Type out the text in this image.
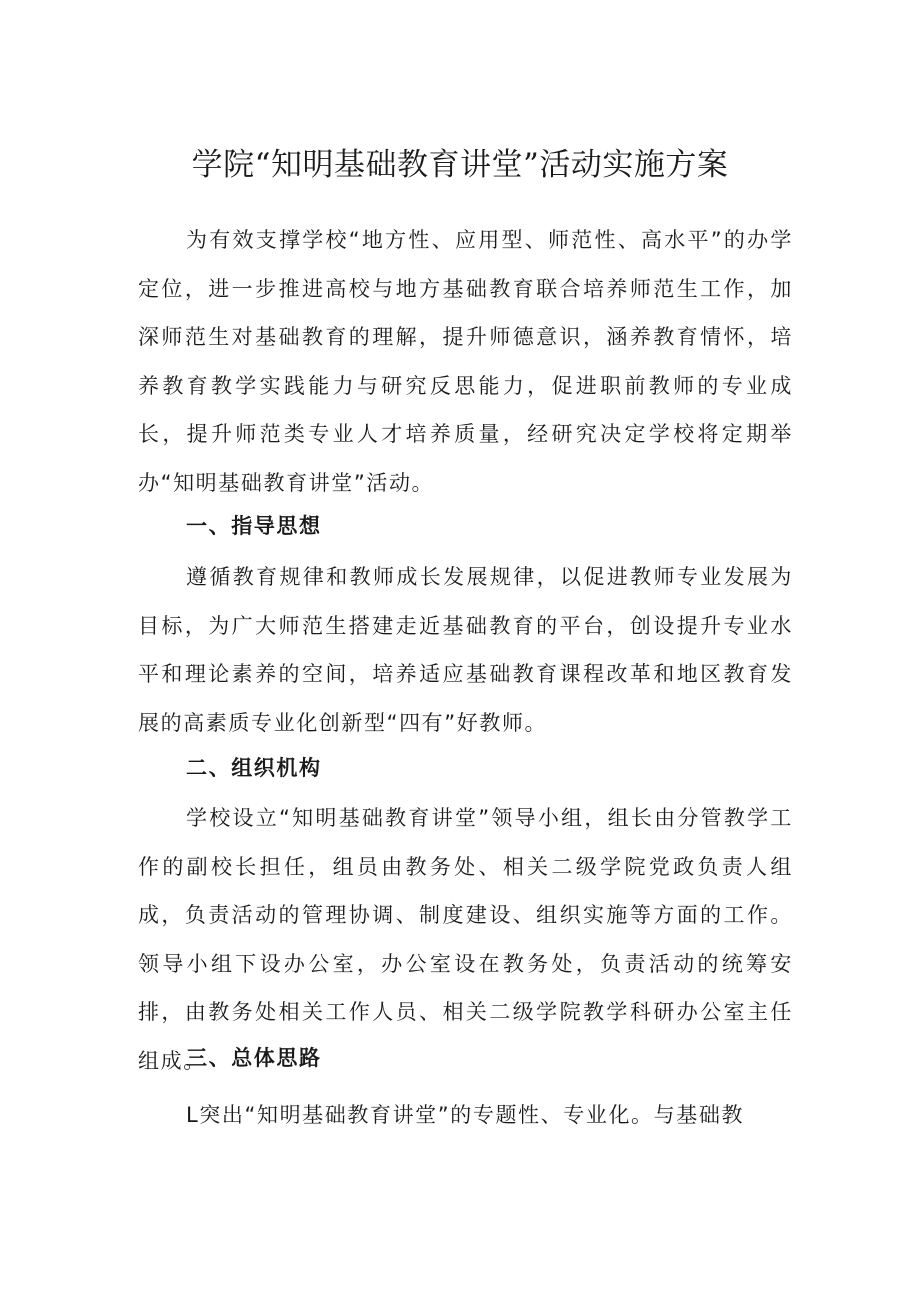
学院“知明基础教育讲堂”活动实施方案

为有效支撑学校“地方性、应用型、师范性、高水平”的办学定位，进一步推进高校与地方基础教育联合培养师范生工作，加深师范生对基础教育的理解，提升师德意识，涵养教育情怀，培养教育教学实践能力与研究反思能力，促进职前教师的专业成长，提升师范类专业人才培养质量，经研究决定学校将定期举办“知明基础教育讲堂”活动。

一、指导思想

遵循教育规律和教师成长发展规律，以促进教师专业发展为目标，为广大师范生搭建走近基础教育的平台，创设提升专业水平和理论素养的空间，培养适应基础教育课程改革和地区教育发展的高素质专业化创新型“四有”好教师。

二、组织机构

学校设立“知明基础教育讲堂”领导小组，组长由分管教学工作的副校长担任，组员由教务处、相关二级学院党政负责人组成，负责活动的管理协调、制度建设、组织实施等方面的工作。领导小组下设办公室，办公室设在教务处，负责活动的统筹安排，由教务处相关工作人员、相关二级学院教学科研办公室主任组成。

三、总体思路

L突出“知明基础教育讲堂”的专题性、专业化。与基础教
